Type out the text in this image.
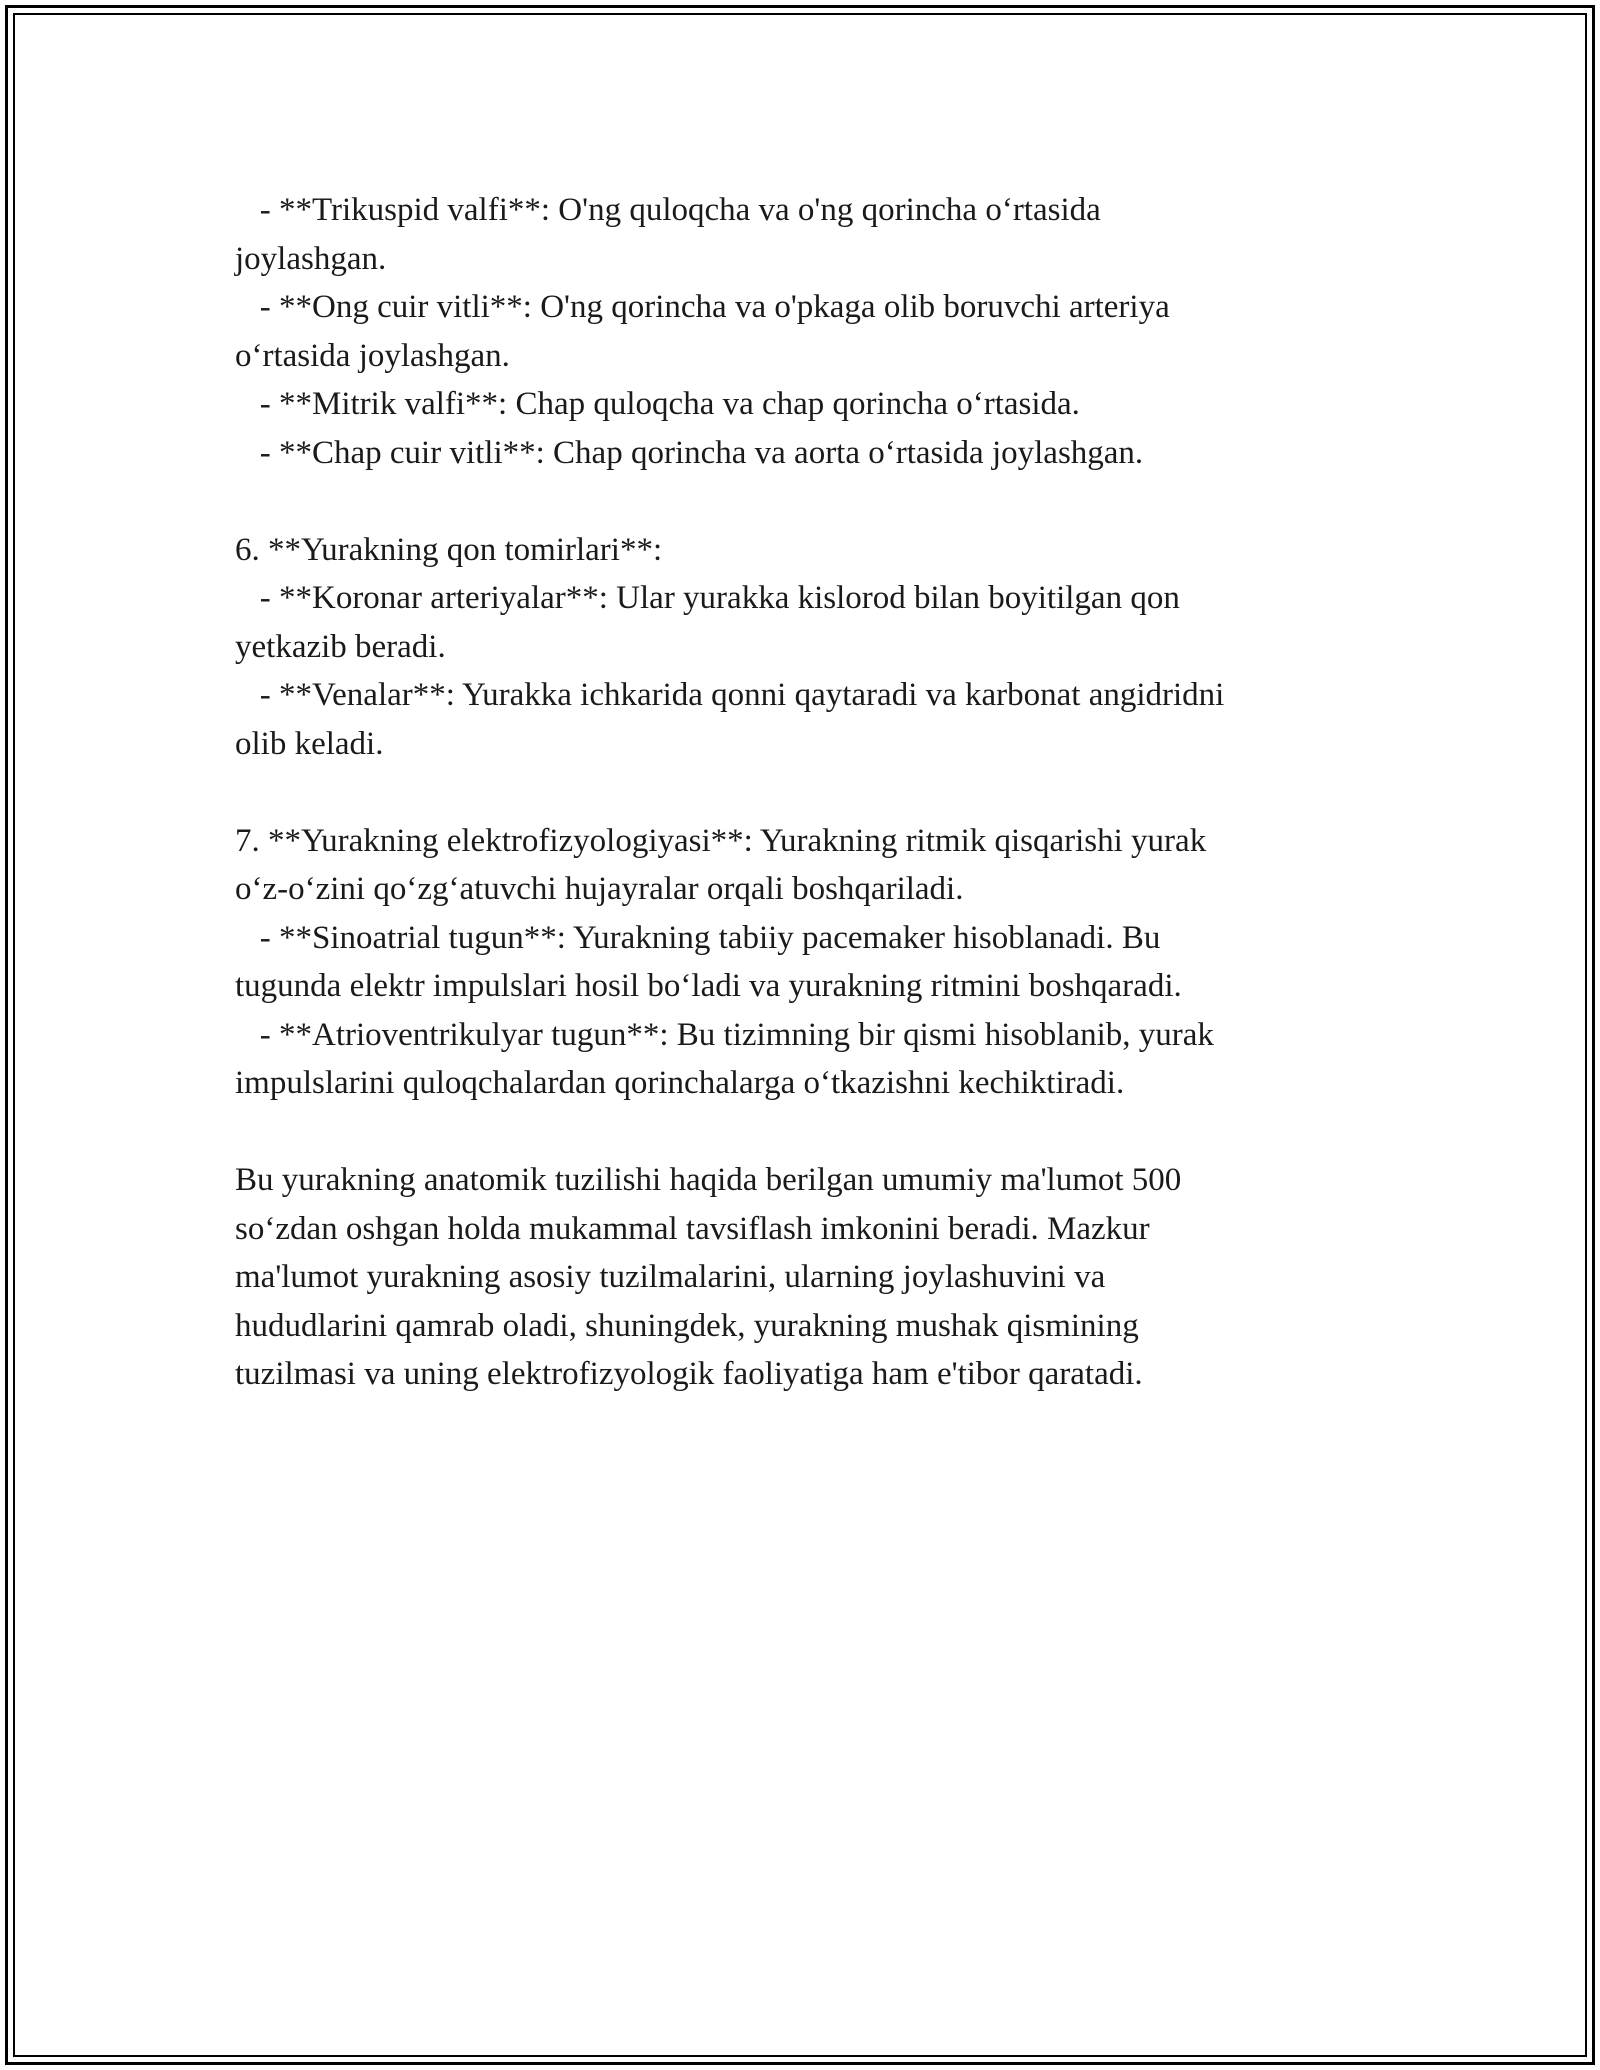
- **Trikuspid valfi**: O'ng quloqcha va o'ng qorincha o‘rtasida
joylashgan.
- **Ong cuir vitli**: O'ng qorincha va o'pkaga olib boruvchi arteriya
o‘rtasida joylashgan.
- **Mitrik valfi**: Chap quloqcha va chap qorincha o‘rtasida.
- **Chap cuir vitli**: Chap qorincha va aorta o‘rtasida joylashgan.
6. **Yurakning qon tomirlari**:
- **Koronar arteriyalar**: Ular yurakka kislorod bilan boyitilgan qon
yetkazib beradi.
- **Venalar**: Yurakka ichkarida qonni qaytaradi va karbonat angidridni
olib keladi.
7. **Yurakning elektrofizyologiyasi**: Yurakning ritmik qisqarishi yurak
o‘z-o‘zini qo‘zg‘atuvchi hujayralar orqali boshqariladi.
- **Sinoatrial tugun**: Yurakning tabiiy pacemaker hisoblanadi. Bu
tugunda elektr impulslari hosil bo‘ladi va yurakning ritmini boshqaradi.
- **Atrioventrikulyar tugun**: Bu tizimning bir qismi hisoblanib, yurak
impulslarini quloqchalardan qorinchalarga o‘tkazishni kechiktiradi.
Bu yurakning anatomik tuzilishi haqida berilgan umumiy ma'lumot 500
so‘zdan oshgan holda mukammal tavsiflash imkonini beradi. Mazkur
ma'lumot yurakning asosiy tuzilmalarini, ularning joylashuvini va
hududlarini qamrab oladi, shuningdek, yurakning mushak qismining
tuzilmasi va uning elektrofizyologik faoliyatiga ham e'tibor qaratadi.
